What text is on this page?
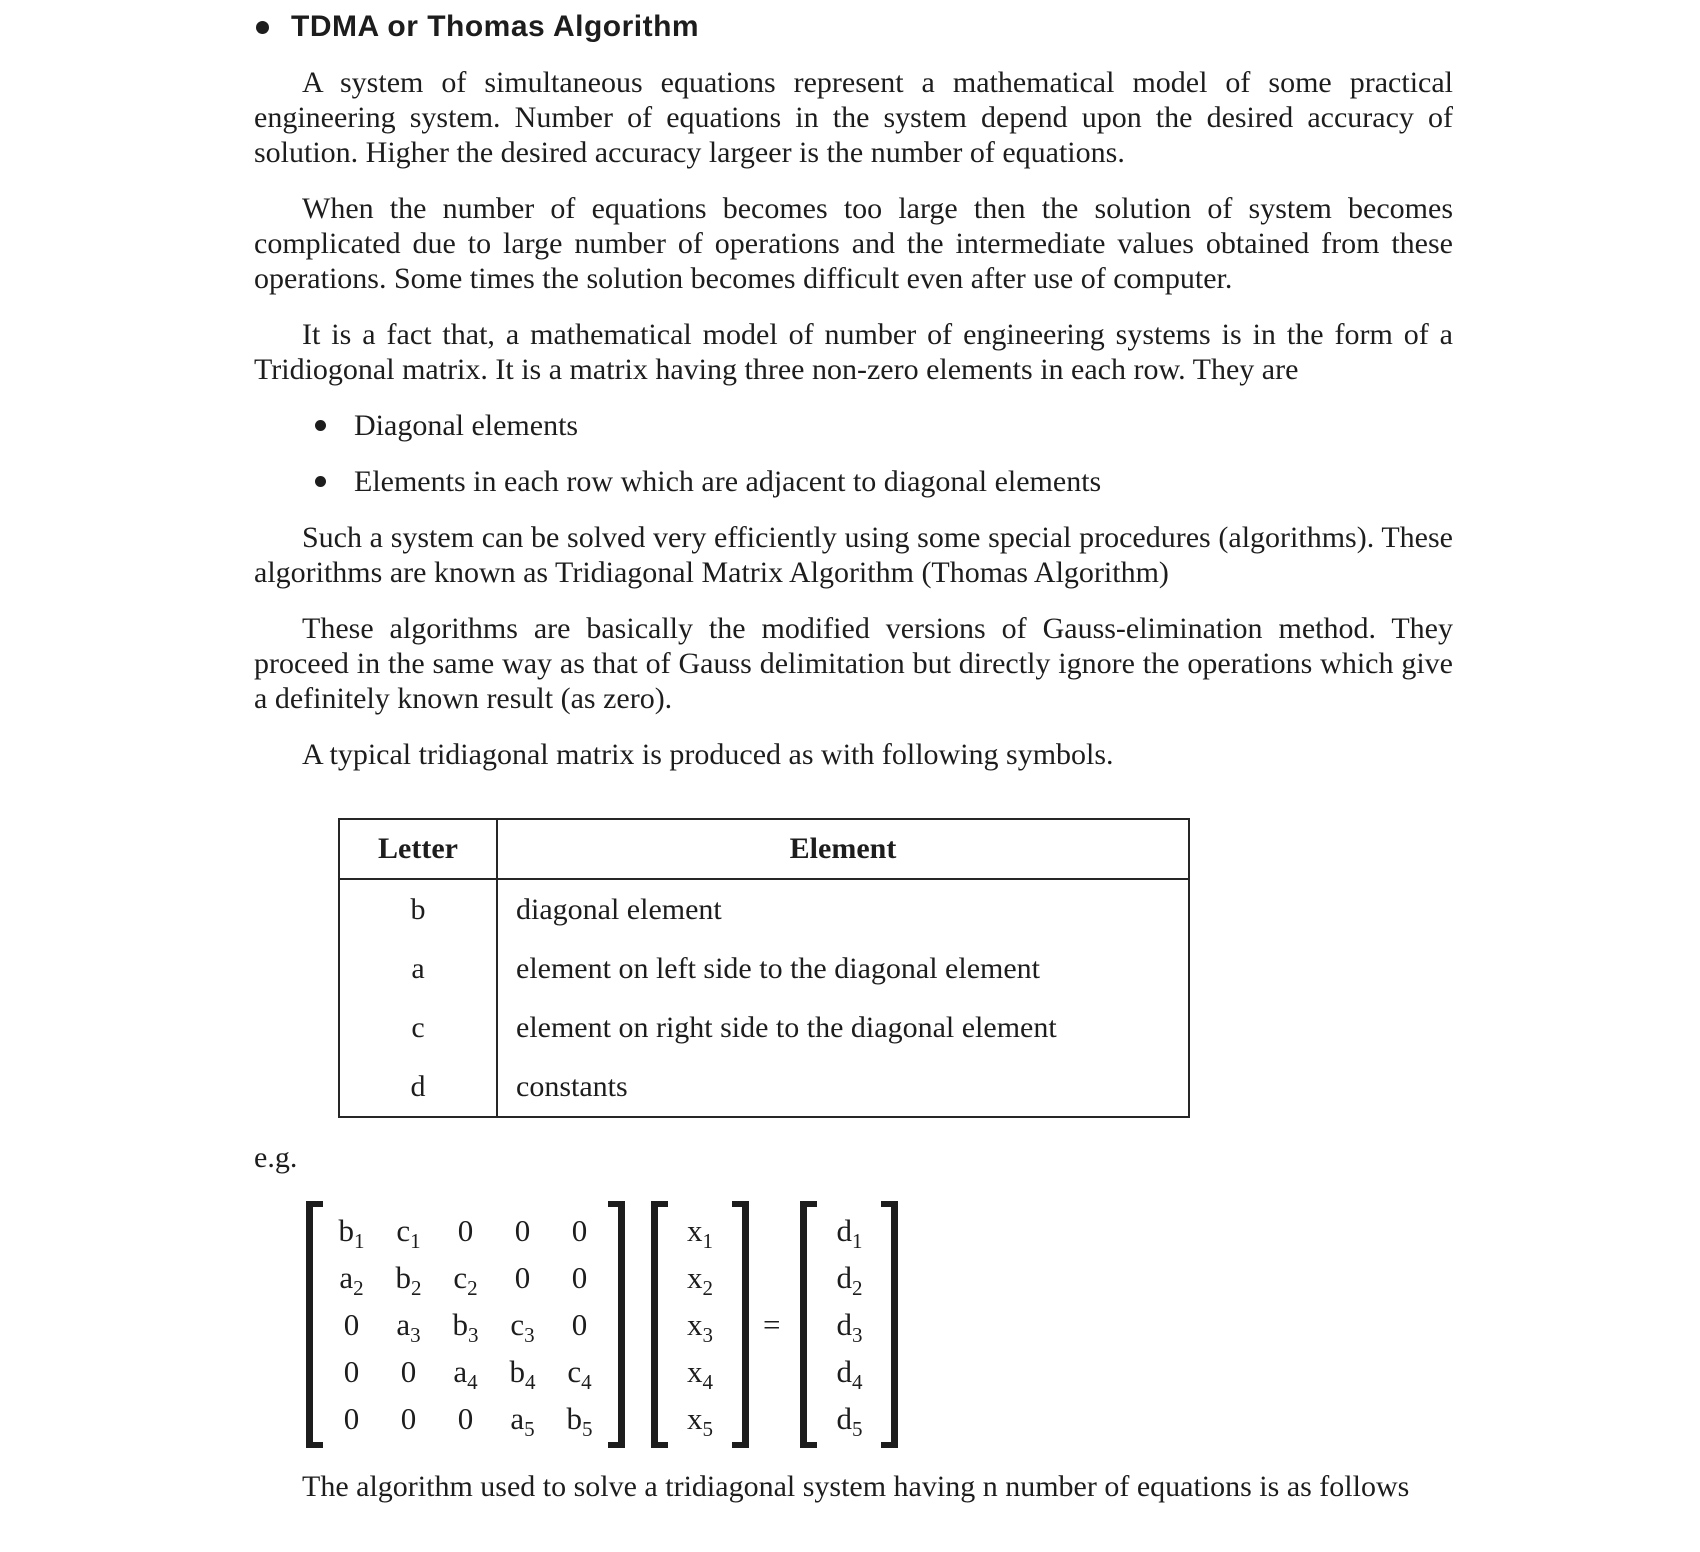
TDMA or Thomas Algorithm

A system of simultaneous equations represent a mathematical model of some practical engineering system. Number of equations in the system depend upon the desired accuracy of solution. Higher the desired accuracy largeer is the number of equations.

When the number of equations becomes too large then the solution of system becomes complicated due to large number of operations and the intermediate values obtained from these operations. Some times the solution becomes difficult even after use of computer.

It is a fact that, a mathematical model of number of engineering systems is in the form of a Tridiogonal matrix. It is a matrix having three non-zero elements in each row. They are

Diagonal elements
Elements in each row which are adjacent to diagonal elements

Such a system can be solved very efficiently using some special procedures (algorithms). These algorithms are known as Tridiagonal Matrix Algorithm (Thomas Algorithm)

These algorithms are basically the modified versions of Gauss-elimination method. They proceed in the same way as that of Gauss delimitation but directly ignore the operations which give a definitely known result (as zero).

A typical tridiagonal matrix is produced as with following symbols.

Letter	Element
b	diagonal element
a	element on left side to the diagonal element
c	element on right side to the diagonal element
d	constants
e.g.
$b_1$ $c_1$ 0 0 0
$a_2$ $b_2$ $c_2$ 0 0
0 $a_3$ $b_3$ $c_3$ 0
0 0 $a_4$ $b_4$ $c_4$
0 0 0 $a_5$ $b_5$
$x_1$
$x_2$
$x_3$
$x_4$
$x_5$
=
$d_1$
$d_2$
$d_3$
$d_4$
$d_5$

The algorithm used to solve a tridiagonal system having n number of equations is as follows
